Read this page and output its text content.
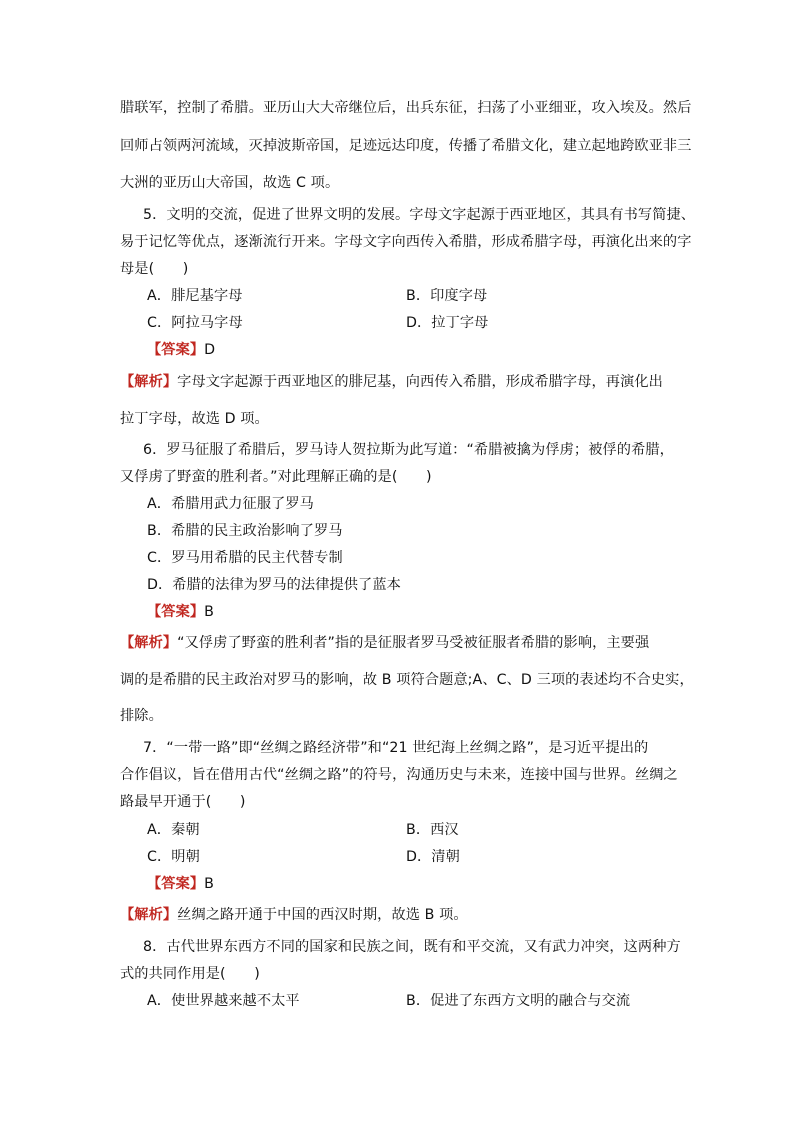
腊联军，控制了希腊。亚历山大大帝继位后，出兵东征，扫荡了小亚细亚，攻入埃及。然后
回师占领两河流域，灭掉波斯帝国，足迹远达印度，传播了希腊文化，建立起地跨欧亚非三
大洲的亚历山大帝国，故选 C 项。
5．文明的交流，促进了世界文明的发展。字母文字起源于西亚地区，其具有书写简捷、
易于记忆等优点，逐渐流行开来。字母文字向西传入希腊，形成希腊字母，再演化出来的字
母是(　　)
A．腓尼基字母	B．印度字母
C．阿拉马字母	D．拉丁字母
【答案】D
【解析】字母文字起源于西亚地区的腓尼基，向西传入希腊，形成希腊字母，再演化出
拉丁字母，故选 D 项。
6．罗马征服了希腊后，罗马诗人贺拉斯为此写道：“希腊被擒为俘虏；被俘的希腊，
又俘虏了野蛮的胜利者。”对此理解正确的是(　　)
A．希腊用武力征服了罗马
B．希腊的民主政治影响了罗马
C．罗马用希腊的民主代替专制
D．希腊的法律为罗马的法律提供了蓝本
【答案】B
【解析】“又俘虏了野蛮的胜利者”指的是征服者罗马受被征服者希腊的影响，主要强
调的是希腊的民主政治对罗马的影响，故 B 项符合题意;A、C、D 三项的表述均不合史实，
排除。
7．“一带一路”即“丝绸之路经济带”和“21 世纪海上丝绸之路”，是习近平提出的
合作倡议，旨在借用古代“丝绸之路”的符号，沟通历史与未来，连接中国与世界。丝绸之
路最早开通于(　　)
A．秦朝	B．西汉
C．明朝	D．清朝
【答案】B
【解析】丝绸之路开通于中国的西汉时期，故选 B 项。
8．古代世界东西方不同的国家和民族之间，既有和平交流，又有武力冲突，这两种方
式的共同作用是(　　)
A．使世界越来越不太平	B．促进了东西方文明的融合与交流
